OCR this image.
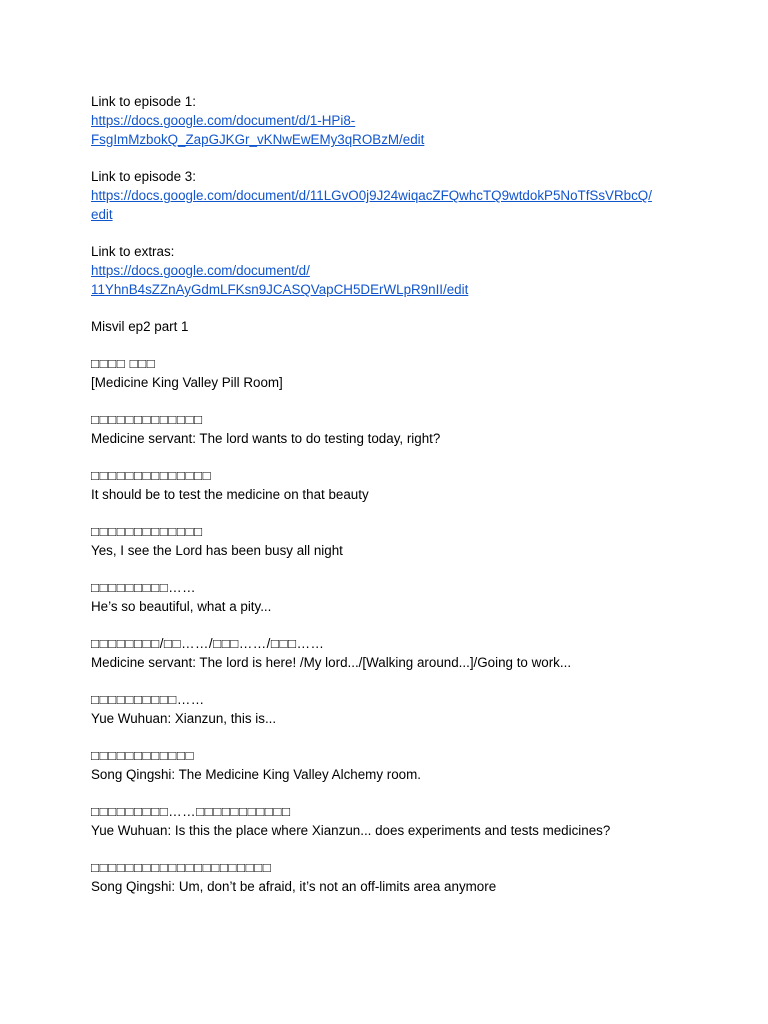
Link to episode 1:
https://docs.google.com/document/d/1-HPi8-
FsgImMzbokQ_ZapGJKGr_vKNwEwEMy3qROBzM/edit
Link to episode 3:
https://docs.google.com/document/d/11LGvO0j9J24wiqacZFQwhcTQ9wtdokP5NoTfSsVRbcQ/
edit
Link to extras:
https://docs.google.com/document/d/
11YhnB4sZZnAyGdmLFKsn9JCASQVapCH5DErWLpR9nII/edit
Misvil ep2 part 1
□□□□ □□□
[Medicine King Valley Pill Room]
□□□□□□□□□□□□□
Medicine servant: The lord wants to do testing today, right?
□□□□□□□□□□□□□□
It should be to test the medicine on that beauty
□□□□□□□□□□□□□
Yes, I see the Lord has been busy all night
□□□□□□□□□……
He’s so beautiful, what a pity...
□□□□□□□□/□□……/□□□……/□□□……
Medicine servant: The lord is here! /My lord.../[Walking around...]/Going to work...
□□□□□□□□□□……
Yue Wuhuan: Xianzun, this is...
□□□□□□□□□□□□
Song Qingshi: The Medicine King Valley Alchemy room.
□□□□□□□□□……□□□□□□□□□□□
Yue Wuhuan: Is this the place where Xianzun... does experiments and tests medicines?
□□□□□□□□□□□□□□□□□□□□□
Song Qingshi: Um, don’t be afraid, it’s not an off-limits area anymore
